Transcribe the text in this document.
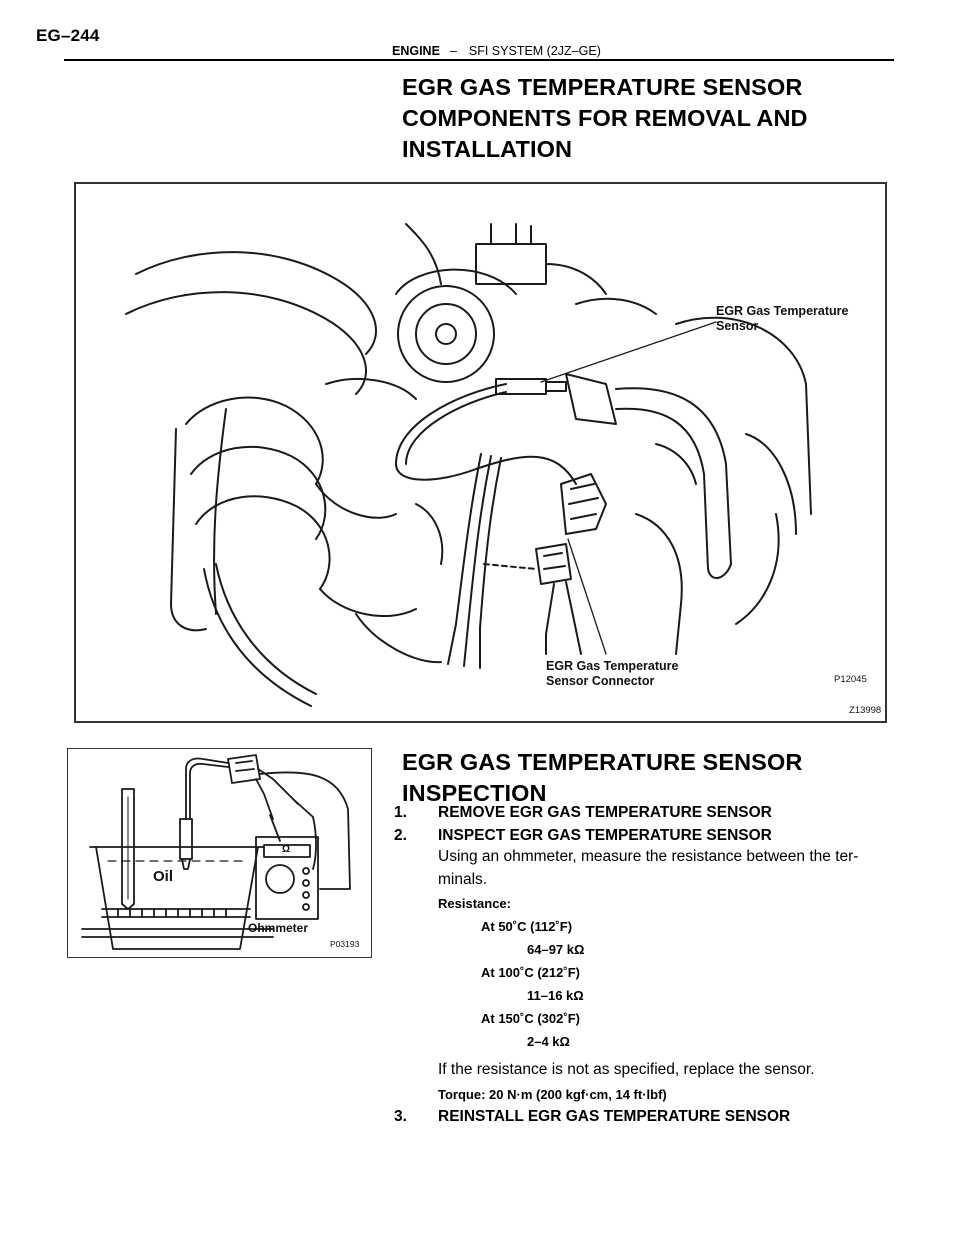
EG–244
ENGINE – SFI SYSTEM (2JZ–GE)
EGR GAS TEMPERATURE SENSOR
COMPONENTS FOR REMOVAL AND
INSTALLATION
EGR Gas Temperature
Sensor
EGR Gas Temperature
Sensor Connector	P12045
Z13998
EGR GAS TEMPERATURE SENSOR
INSPECTION
Oil
Ohmmeter
Ω
P03193
1. REMOVE EGR GAS TEMPERATURE SENSOR
2. INSPECT EGR GAS TEMPERATURE SENSOR
Using an ohmmeter, measure the resistance between the ter-
minals.
Resistance:
At 50˚C (112˚F)
64–97 kΩ
At 100˚C (212˚F)
11–16 kΩ
At 150˚C (302˚F)
2–4 kΩ
If the resistance is not as specified, replace the sensor.
Torque: 20 N·m (200 kgf·cm, 14 ft·lbf)
3. REINSTALL EGR GAS TEMPERATURE SENSOR
